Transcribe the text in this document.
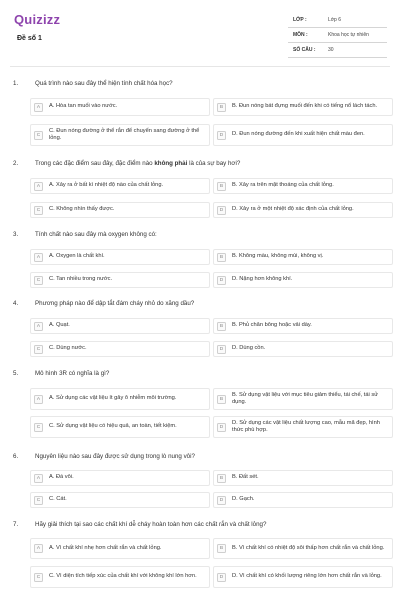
Quizizz
Đề số 1
LỚP :	Lớp 6
MÔN :	Khoa học tự nhiên
SỐ CÂU :	30
1.	Quá trình nào sau đây thể hiện tính chất hóa học?
A	A. Hòa tan muối vào nước.	B	B. Đun nóng bát đựng muối đến khi có tiếng nổ lách tách.
C
C. Đun nóng đường ở thể rắn để chuyển sang đường ở thể lỏng.	D	D. Đun nóng đường đến khi xuất hiện chất màu đen.
2.	Trong các đặc điểm sau đây, đặc điểm nào không phải là của sự bay hơi?
A	A. Xảy ra ở bất kì nhiệt độ nào của chất lỏng.	B	B. Xảy ra trên mặt thoáng của chất lỏng.
C	C. Không nhìn thấy được.	D	D. Xảy ra ở một nhiệt độ xác định của chất lỏng.
3.	Tính chất nào sau đây mà oxygen không có:
A	A. Oxygen là chất khí.	B	B. Không màu, không mùi, không vị.
C	C. Tan nhiều trong nước.	D	D. Nặng hơn không khí.
4.	Phương pháp nào để dập tắt đám cháy nhỏ do xăng dầu?
A	A. Quạt.	B	B. Phủ chăn bông hoặc vải dày.
C	C. Dùng nước.	D	D. Dùng cồn.
5.	Mô hình 3R có nghĩa là gì?
A	A. Sử dụng các vật liệu ít gây ô nhiễm môi trường.	B
B. Sử dụng vật liệu với mục tiêu giảm thiểu, tái chế, tái sử dụng.
C	C. Sử dụng vật liệu có hiệu quả, an toàn, tiết kiệm.	D
D. Sử dụng các vật liệu chất lượng cao, mẫu mã đẹp, hình thức phù hợp.
6.	Nguyên liệu nào sau đây được sử dụng trong lò nung vôi?
A	A. Đá vôi.	B	B. Đất sét.
C	C. Cát.	D	D. Gạch.
7.	Hãy giải thích tại sao các chất khí dễ cháy hoàn toàn hơn các chất rắn và chất lỏng?
A	A. Vì chất khí nhẹ hơn chất rắn và chất lỏng.	B	B. Vì chất khí có nhiệt độ sôi thấp hơn chất rắn và chất lỏng.
C	C. Vì diện tích tiếp xúc của chất khí với không khí lớn hơn.	D	D. Vì chất khí có khối lượng riêng lớn hơn chất rắn và lỏng.
